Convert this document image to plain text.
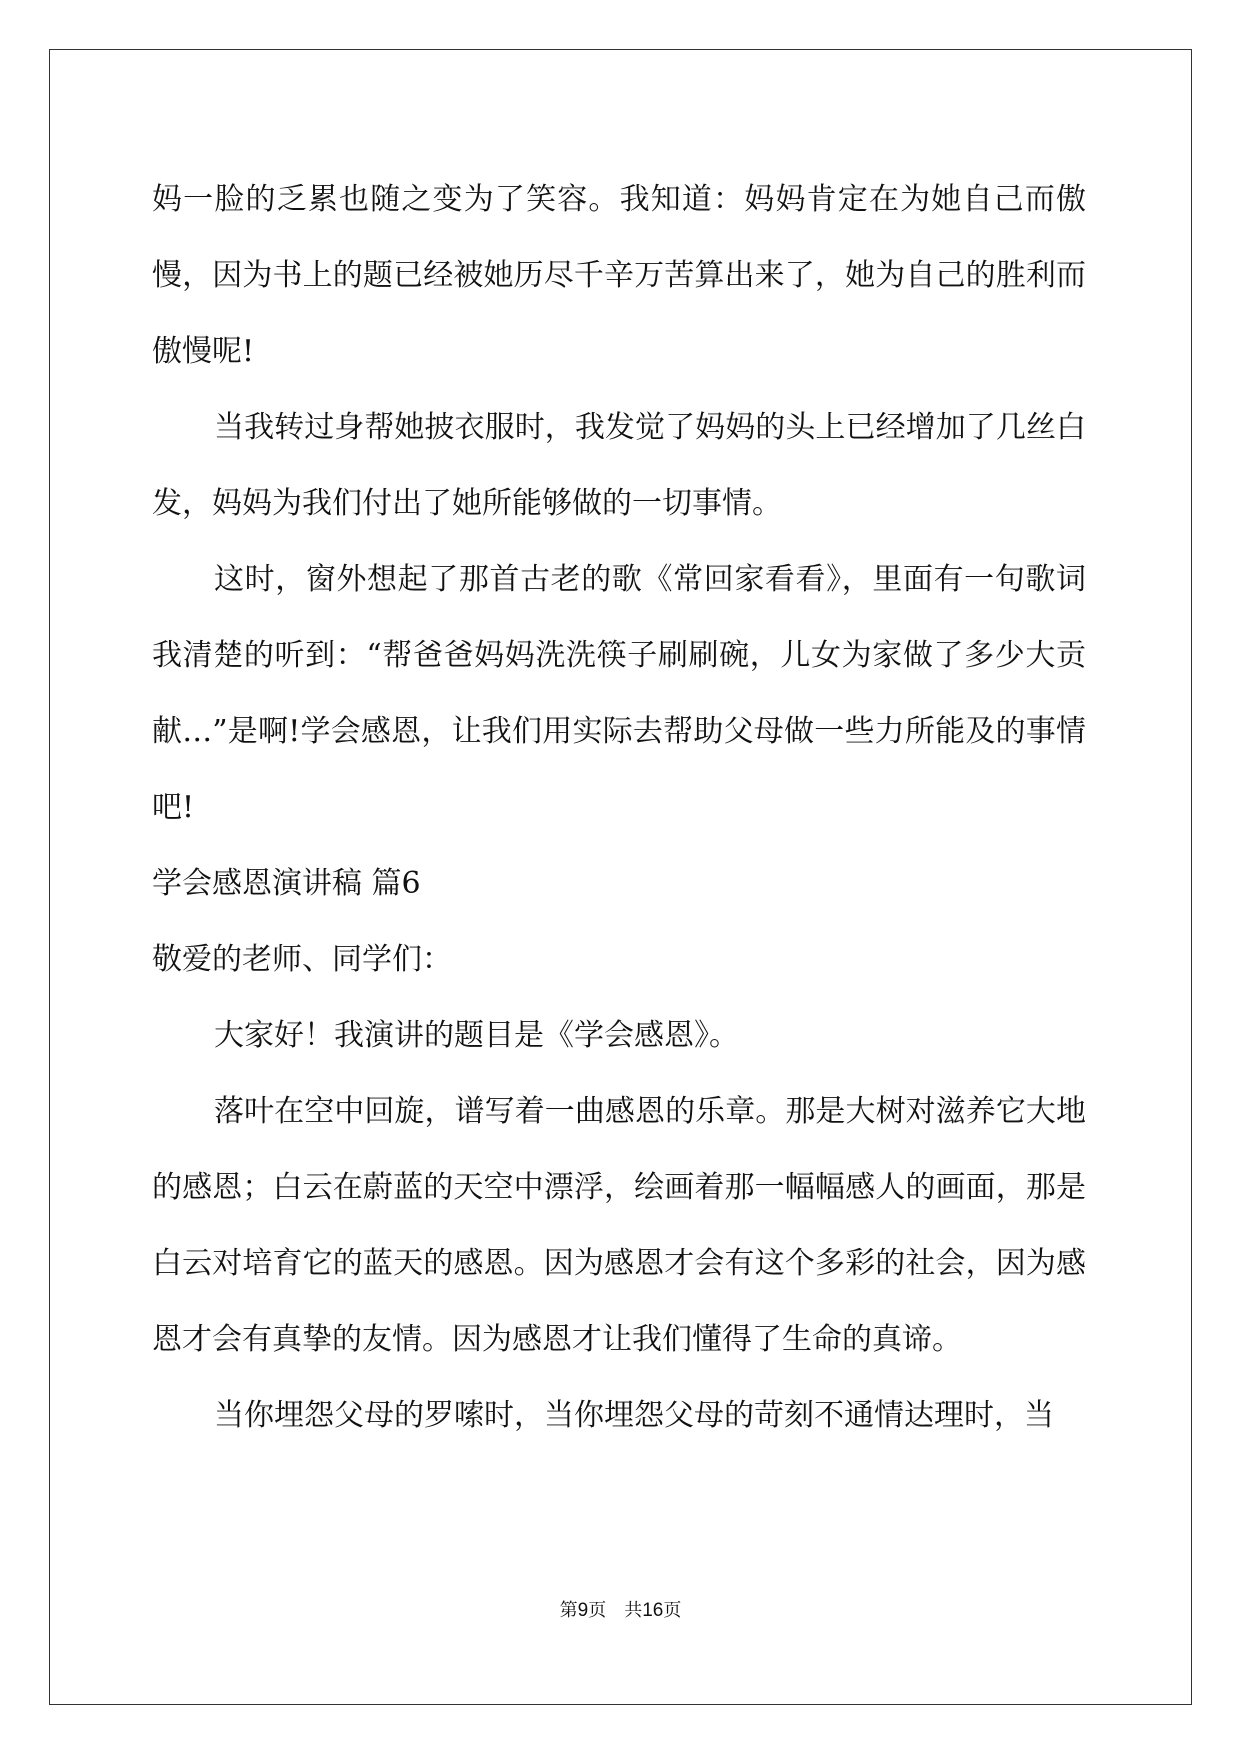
妈一脸的乏累也随之变为了笑容。我知道：妈妈肯定在为她自己而傲慢，因为书上的题已经被她历尽千辛万苦算出来了，她为自己的胜利而傲慢呢!

当我转过身帮她披衣服时，我发觉了妈妈的头上已经增加了几丝白发，妈妈为我们付出了她所能够做的一切事情。

这时，窗外想起了那首古老的歌《常回家看看》，里面有一句歌词我清楚的听到：“帮爸爸妈妈洗洗筷子刷刷碗，儿女为家做了多少大贡献…”是啊!学会感恩，让我们用实际去帮助父母做一些力所能及的事情吧!

学会感恩演讲稿 篇6

敬爱的老师、同学们：

大家好！我演讲的题目是《学会感恩》。

落叶在空中回旋，谱写着一曲感恩的乐章。那是大树对滋养它大地的感恩；白云在蔚蓝的天空中漂浮，绘画着那一幅幅感人的画面，那是白云对培育它的蓝天的感恩。因为感恩才会有这个多彩的社会，因为感恩才会有真挚的友情。因为感恩才让我们懂得了生命的真谛。

当你埋怨父母的罗嗦时，当你埋怨父母的苛刻不通情达理时，当

第9页　共16页
